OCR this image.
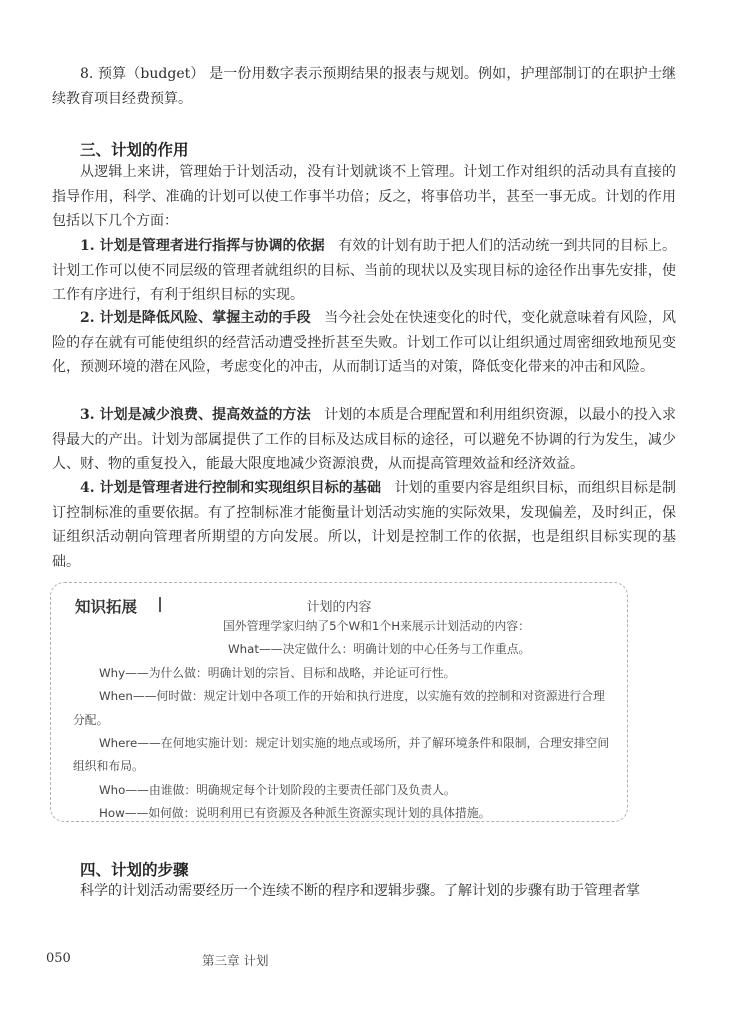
8. 预算（budget） 是一份用数字表示预期结果的报表与规划。例如，护理部制订的在职护士继续教育项目经费预算。

三、计划的作用

从逻辑上来讲，管理始于计划活动，没有计划就谈不上管理。计划工作对组织的活动具有直接的指导作用，科学、准确的计划可以使工作事半功倍；反之，将事倍功半，甚至一事无成。计划的作用包括以下几个方面：

1. 计划是管理者进行指挥与协调的依据 有效的计划有助于把人们的活动统一到共同的目标上。计划工作可以使不同层级的管理者就组织的目标、当前的现状以及实现目标的途径作出事先安排，使工作有序进行，有利于组织目标的实现。

2. 计划是降低风险、掌握主动的手段 当今社会处在快速变化的时代，变化就意味着有风险，风险的存在就有可能使组织的经营活动遭受挫折甚至失败。计划工作可以让组织通过周密细致地预见变化，预测环境的潜在风险，考虑变化的冲击，从而制订适当的对策，降低变化带来的冲击和风险。

3. 计划是减少浪费、提高效益的方法 计划的本质是合理配置和利用组织资源，以最小的投入求得最大的产出。计划为部属提供了工作的目标及达成目标的途径，可以避免不协调的行为发生，减少人、财、物的重复投入，能最大限度地减少资源浪费，从而提高管理效益和经济效益。

4. 计划是管理者进行控制和实现组织目标的基础 计划的重要内容是组织目标，而组织目标是制订控制标准的重要依据。有了控制标准才能衡量计划活动实施的实际效果，发现偏差，及时纠正，保证组织活动朝向管理者所期望的方向发展。所以，计划是控制工作的依据，也是组织目标实现的基础。

知识拓展	计划的内容

国外管理学家归纳了5个W和1个H来展示计划活动的内容：

What——决定做什么：明确计划的中心任务与工作重点。

Why——为什么做：明确计划的宗旨、目标和战略，并论证可行性。

When——何时做：规定计划中各项工作的开始和执行进度，以实施有效的控制和对资源进行合理分配。

Where——在何地实施计划：规定计划实施的地点或场所，并了解环境条件和限制，合理安排空间组织和布局。

Who——由谁做：明确规定每个计划阶段的主要责任部门及负责人。

How——如何做：说明利用已有资源及各种派生资源实现计划的具体措施。

四、计划的步骤

科学的计划活动需要经历一个连续不断的程序和逻辑步骤。了解计划的步骤有助于管理者掌

050	第三章 计划
